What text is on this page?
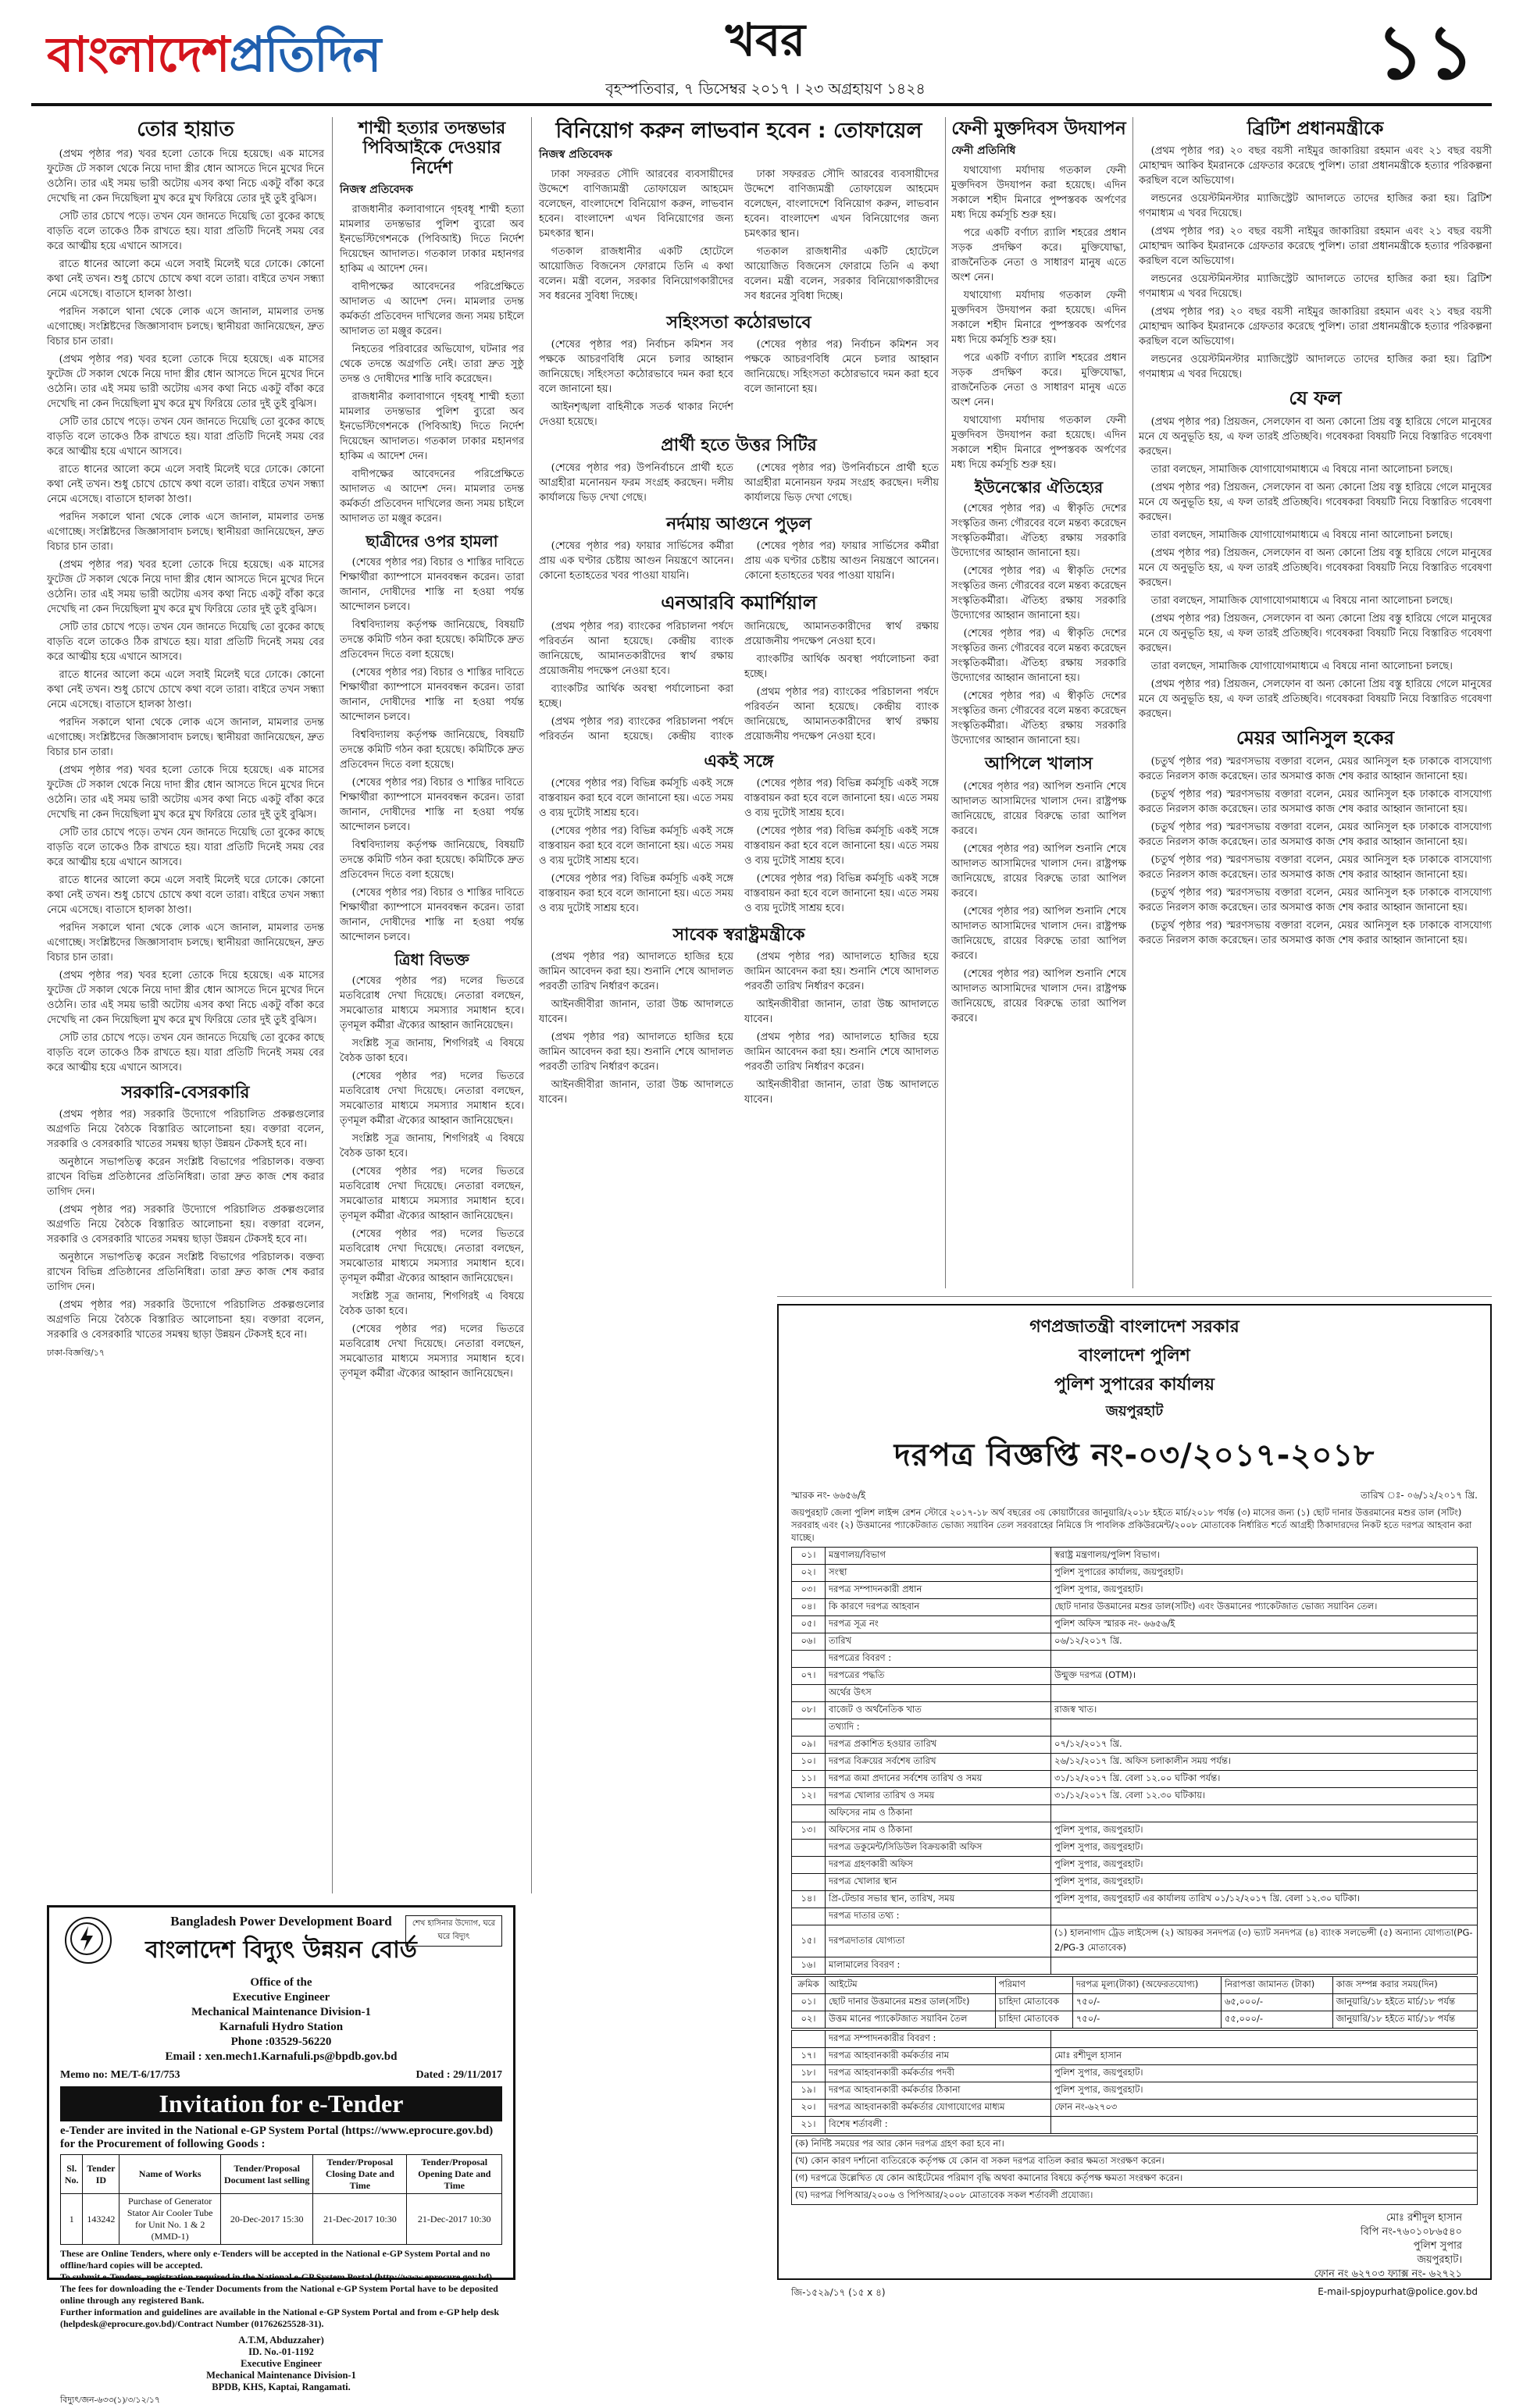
বাংলাদেশপ্রতিদিন	খবর
বৃহস্পতিবার, ৭ ডিসেম্বর ২০১৭ । ২৩ অগ্রহায়ণ ১৪২৪	১১
তোর হায়াত

(প্রথম পৃষ্ঠার পর) খবর হলো তোকে দিয়ে হয়েছে। এক মাসের ফুটেজ টে সকাল থেকে নিয়ে দাদা স্ত্রীর ধোন আসতে দিনে মুখের দিনে ওঠেনি। তার এই সময় ভারী অটোয় এসব কথা নিচে একটু বাঁকা করে দেখেছি না কেন দিয়েছিলা মুখ করে মুখ ফিরিয়ে তোর দুই তুই বুঝিস।

সেটি তার চোখে পড়ে। তখন যেন জানতে দিয়েছি তো বুকের কাছে বাড়তি বলে তাকেও ঠিক রাখতে হয়। যারা প্রতিটি দিনেই সময় বের করে আত্মীয় হয়ে এখানে আসবে।

রাতে ধানের আলো কমে এলে সবাই মিলেই ঘরে ঢোকে। কোনো কথা নেই তখন। শুধু চোখে চোখে কথা বলে তারা। বাইরে তখন সন্ধ্যা নেমে এসেছে। বাতাসে হালকা ঠাণ্ডা।

পরদিন সকালে থানা থেকে লোক এসে জানাল, মামলার তদন্ত এগোচ্ছে। সংশ্লিষ্টদের জিজ্ঞাসাবাদ চলছে। স্থানীয়রা জানিয়েছেন, দ্রুত বিচার চান তারা।

(প্রথম পৃষ্ঠার পর) খবর হলো তোকে দিয়ে হয়েছে। এক মাসের ফুটেজ টে সকাল থেকে নিয়ে দাদা স্ত্রীর ধোন আসতে দিনে মুখের দিনে ওঠেনি। তার এই সময় ভারী অটোয় এসব কথা নিচে একটু বাঁকা করে দেখেছি না কেন দিয়েছিলা মুখ করে মুখ ফিরিয়ে তোর দুই তুই বুঝিস।

সেটি তার চোখে পড়ে। তখন যেন জানতে দিয়েছি তো বুকের কাছে বাড়তি বলে তাকেও ঠিক রাখতে হয়। যারা প্রতিটি দিনেই সময় বের করে আত্মীয় হয়ে এখানে আসবে।

রাতে ধানের আলো কমে এলে সবাই মিলেই ঘরে ঢোকে। কোনো কথা নেই তখন। শুধু চোখে চোখে কথা বলে তারা। বাইরে তখন সন্ধ্যা নেমে এসেছে। বাতাসে হালকা ঠাণ্ডা।

পরদিন সকালে থানা থেকে লোক এসে জানাল, মামলার তদন্ত এগোচ্ছে। সংশ্লিষ্টদের জিজ্ঞাসাবাদ চলছে। স্থানীয়রা জানিয়েছেন, দ্রুত বিচার চান তারা।

(প্রথম পৃষ্ঠার পর) খবর হলো তোকে দিয়ে হয়েছে। এক মাসের ফুটেজ টে সকাল থেকে নিয়ে দাদা স্ত্রীর ধোন আসতে দিনে মুখের দিনে ওঠেনি। তার এই সময় ভারী অটোয় এসব কথা নিচে একটু বাঁকা করে দেখেছি না কেন দিয়েছিলা মুখ করে মুখ ফিরিয়ে তোর দুই তুই বুঝিস।

সেটি তার চোখে পড়ে। তখন যেন জানতে দিয়েছি তো বুকের কাছে বাড়তি বলে তাকেও ঠিক রাখতে হয়। যারা প্রতিটি দিনেই সময় বের করে আত্মীয় হয়ে এখানে আসবে।

রাতে ধানের আলো কমে এলে সবাই মিলেই ঘরে ঢোকে। কোনো কথা নেই তখন। শুধু চোখে চোখে কথা বলে তারা। বাইরে তখন সন্ধ্যা নেমে এসেছে। বাতাসে হালকা ঠাণ্ডা।

পরদিন সকালে থানা থেকে লোক এসে জানাল, মামলার তদন্ত এগোচ্ছে। সংশ্লিষ্টদের জিজ্ঞাসাবাদ চলছে। স্থানীয়রা জানিয়েছেন, দ্রুত বিচার চান তারা।

(প্রথম পৃষ্ঠার পর) খবর হলো তোকে দিয়ে হয়েছে। এক মাসের ফুটেজ টে সকাল থেকে নিয়ে দাদা স্ত্রীর ধোন আসতে দিনে মুখের দিনে ওঠেনি। তার এই সময় ভারী অটোয় এসব কথা নিচে একটু বাঁকা করে দেখেছি না কেন দিয়েছিলা মুখ করে মুখ ফিরিয়ে তোর দুই তুই বুঝিস।

সেটি তার চোখে পড়ে। তখন যেন জানতে দিয়েছি তো বুকের কাছে বাড়তি বলে তাকেও ঠিক রাখতে হয়। যারা প্রতিটি দিনেই সময় বের করে আত্মীয় হয়ে এখানে আসবে।

রাতে ধানের আলো কমে এলে সবাই মিলেই ঘরে ঢোকে। কোনো কথা নেই তখন। শুধু চোখে চোখে কথা বলে তারা। বাইরে তখন সন্ধ্যা নেমে এসেছে। বাতাসে হালকা ঠাণ্ডা।

পরদিন সকালে থানা থেকে লোক এসে জানাল, মামলার তদন্ত এগোচ্ছে। সংশ্লিষ্টদের জিজ্ঞাসাবাদ চলছে। স্থানীয়রা জানিয়েছেন, দ্রুত বিচার চান তারা।

(প্রথম পৃষ্ঠার পর) খবর হলো তোকে দিয়ে হয়েছে। এক মাসের ফুটেজ টে সকাল থেকে নিয়ে দাদা স্ত্রীর ধোন আসতে দিনে মুখের দিনে ওঠেনি। তার এই সময় ভারী অটোয় এসব কথা নিচে একটু বাঁকা করে দেখেছি না কেন দিয়েছিলা মুখ করে মুখ ফিরিয়ে তোর দুই তুই বুঝিস।

সেটি তার চোখে পড়ে। তখন যেন জানতে দিয়েছি তো বুকের কাছে বাড়তি বলে তাকেও ঠিক রাখতে হয়। যারা প্রতিটি দিনেই সময় বের করে আত্মীয় হয়ে এখানে আসবে।

সরকারি-বেসরকারি

(প্রথম পৃষ্ঠার পর) সরকারি উদ্যোগে পরিচালিত প্রকল্পগুলোর অগ্রগতি নিয়ে বৈঠকে বিস্তারিত আলোচনা হয়। বক্তারা বলেন, সরকারি ও বেসরকারি খাতের সমন্বয় ছাড়া উন্নয়ন টেকসই হবে না।

অনুষ্ঠানে সভাপতিত্ব করেন সংশ্লিষ্ট বিভাগের পরিচালক। বক্তব্য রাখেন বিভিন্ন প্রতিষ্ঠানের প্রতিনিধিরা। তারা দ্রুত কাজ শেষ করার তাগিদ দেন।

(প্রথম পৃষ্ঠার পর) সরকারি উদ্যোগে পরিচালিত প্রকল্পগুলোর অগ্রগতি নিয়ে বৈঠকে বিস্তারিত আলোচনা হয়। বক্তারা বলেন, সরকারি ও বেসরকারি খাতের সমন্বয় ছাড়া উন্নয়ন টেকসই হবে না।

অনুষ্ঠানে সভাপতিত্ব করেন সংশ্লিষ্ট বিভাগের পরিচালক। বক্তব্য রাখেন বিভিন্ন প্রতিষ্ঠানের প্রতিনিধিরা। তারা দ্রুত কাজ শেষ করার তাগিদ দেন।

(প্রথম পৃষ্ঠার পর) সরকারি উদ্যোগে পরিচালিত প্রকল্পগুলোর অগ্রগতি নিয়ে বৈঠকে বিস্তারিত আলোচনা হয়। বক্তারা বলেন, সরকারি ও বেসরকারি খাতের সমন্বয় ছাড়া উন্নয়ন টেকসই হবে না।

ঢাকা-বিজ্ঞপ্তি/১৭
শাম্মী হত্যার তদন্তভার পিবিআইকে দেওয়ার নির্দেশ
নিজস্ব প্রতিবেদক

রাজধানীর কলাবাগানে গৃহবধূ শাম্মী হত্যা মামলার তদন্তভার পুলিশ ব্যুরো অব ইনভেস্টিগেশনকে (পিবিআই) দিতে নির্দেশ দিয়েছেন আদালত। গতকাল ঢাকার মহানগর হাকিম এ আদেশ দেন।

বাদীপক্ষের আবেদনের পরিপ্রেক্ষিতে আদালত এ আদেশ দেন। মামলার তদন্ত কর্মকর্তা প্রতিবেদন দাখিলের জন্য সময় চাইলে আদালত তা মঞ্জুর করেন।

নিহতের পরিবারের অভিযোগ, ঘটনার পর থেকে তদন্তে অগ্রগতি নেই। তারা দ্রুত সুষ্ঠু তদন্ত ও দোষীদের শাস্তি দাবি করেছেন।

রাজধানীর কলাবাগানে গৃহবধূ শাম্মী হত্যা মামলার তদন্তভার পুলিশ ব্যুরো অব ইনভেস্টিগেশনকে (পিবিআই) দিতে নির্দেশ দিয়েছেন আদালত। গতকাল ঢাকার মহানগর হাকিম এ আদেশ দেন।

বাদীপক্ষের আবেদনের পরিপ্রেক্ষিতে আদালত এ আদেশ দেন। মামলার তদন্ত কর্মকর্তা প্রতিবেদন দাখিলের জন্য সময় চাইলে আদালত তা মঞ্জুর করেন।

ছাত্রীদের ওপর হামলা

(শেষের পৃষ্ঠার পর) বিচার ও শাস্তির দাবিতে শিক্ষার্থীরা ক্যাম্পাসে মানববন্ধন করেন। তারা জানান, দোষীদের শাস্তি না হওয়া পর্যন্ত আন্দোলন চলবে।

বিশ্ববিদ্যালয় কর্তৃপক্ষ জানিয়েছে, বিষয়টি তদন্তে কমিটি গঠন করা হয়েছে। কমিটিকে দ্রুত প্রতিবেদন দিতে বলা হয়েছে।

(শেষের পৃষ্ঠার পর) বিচার ও শাস্তির দাবিতে শিক্ষার্থীরা ক্যাম্পাসে মানববন্ধন করেন। তারা জানান, দোষীদের শাস্তি না হওয়া পর্যন্ত আন্দোলন চলবে।

বিশ্ববিদ্যালয় কর্তৃপক্ষ জানিয়েছে, বিষয়টি তদন্তে কমিটি গঠন করা হয়েছে। কমিটিকে দ্রুত প্রতিবেদন দিতে বলা হয়েছে।

(শেষের পৃষ্ঠার পর) বিচার ও শাস্তির দাবিতে শিক্ষার্থীরা ক্যাম্পাসে মানববন্ধন করেন। তারা জানান, দোষীদের শাস্তি না হওয়া পর্যন্ত আন্দোলন চলবে।

বিশ্ববিদ্যালয় কর্তৃপক্ষ জানিয়েছে, বিষয়টি তদন্তে কমিটি গঠন করা হয়েছে। কমিটিকে দ্রুত প্রতিবেদন দিতে বলা হয়েছে।

(শেষের পৃষ্ঠার পর) বিচার ও শাস্তির দাবিতে শিক্ষার্থীরা ক্যাম্পাসে মানববন্ধন করেন। তারা জানান, দোষীদের শাস্তি না হওয়া পর্যন্ত আন্দোলন চলবে।

ত্রিধা বিভক্ত

(শেষের পৃষ্ঠার পর) দলের ভিতরে মতবিরোধ দেখা দিয়েছে। নেতারা বলছেন, সমঝোতার মাধ্যমে সমস্যার সমাধান হবে। তৃণমূল কর্মীরা ঐক্যের আহ্বান জানিয়েছেন।

সংশ্লিষ্ট সূত্র জানায়, শিগগিরই এ বিষয়ে বৈঠক ডাকা হবে।

(শেষের পৃষ্ঠার পর) দলের ভিতরে মতবিরোধ দেখা দিয়েছে। নেতারা বলছেন, সমঝোতার মাধ্যমে সমস্যার সমাধান হবে। তৃণমূল কর্মীরা ঐক্যের আহ্বান জানিয়েছেন।

সংশ্লিষ্ট সূত্র জানায়, শিগগিরই এ বিষয়ে বৈঠক ডাকা হবে।

(শেষের পৃষ্ঠার পর) দলের ভিতরে মতবিরোধ দেখা দিয়েছে। নেতারা বলছেন, সমঝোতার মাধ্যমে সমস্যার সমাধান হবে। তৃণমূল কর্মীরা ঐক্যের আহ্বান জানিয়েছেন।

(শেষের পৃষ্ঠার পর) দলের ভিতরে মতবিরোধ দেখা দিয়েছে। নেতারা বলছেন, সমঝোতার মাধ্যমে সমস্যার সমাধান হবে। তৃণমূল কর্মীরা ঐক্যের আহ্বান জানিয়েছেন।

সংশ্লিষ্ট সূত্র জানায়, শিগগিরই এ বিষয়ে বৈঠক ডাকা হবে।

(শেষের পৃষ্ঠার পর) দলের ভিতরে মতবিরোধ দেখা দিয়েছে। নেতারা বলছেন, সমঝোতার মাধ্যমে সমস্যার সমাধান হবে। তৃণমূল কর্মীরা ঐক্যের আহ্বান জানিয়েছেন।

বিনিয়োগ করুন লাভবান হবেন : তোফায়েল
নিজস্ব প্রতিবেদক

ঢাকা সফররত সৌদি আরবের ব্যবসায়ীদের উদ্দেশে বাণিজ্যমন্ত্রী তোফায়েল আহমেদ বলেছেন, বাংলাদেশে বিনিয়োগ করুন, লাভবান হবেন। বাংলাদেশ এখন বিনিয়োগের জন্য চমৎকার স্থান।

গতকাল রাজধানীর একটি হোটেলে আয়োজিত বিজনেস ফোরামে তিনি এ কথা বলেন। মন্ত্রী বলেন, সরকার বিনিয়োগকারীদের সব ধরনের সুবিধা দিচ্ছে।

ঢাকা সফররত সৌদি আরবের ব্যবসায়ীদের উদ্দেশে বাণিজ্যমন্ত্রী তোফায়েল আহমেদ বলেছেন, বাংলাদেশে বিনিয়োগ করুন, লাভবান হবেন। বাংলাদেশ এখন বিনিয়োগের জন্য চমৎকার স্থান।

গতকাল রাজধানীর একটি হোটেলে আয়োজিত বিজনেস ফোরামে তিনি এ কথা বলেন। মন্ত্রী বলেন, সরকার বিনিয়োগকারীদের সব ধরনের সুবিধা দিচ্ছে।

সহিংসতা কঠোরভাবে

(শেষের পৃষ্ঠার পর) নির্বাচন কমিশন সব পক্ষকে আচরণবিধি মেনে চলার আহ্বান জানিয়েছে। সহিংসতা কঠোরভাবে দমন করা হবে বলে জানানো হয়।

আইনশৃঙ্খলা বাহিনীকে সতর্ক থাকার নির্দেশ দেওয়া হয়েছে।

(শেষের পৃষ্ঠার পর) নির্বাচন কমিশন সব পক্ষকে আচরণবিধি মেনে চলার আহ্বান জানিয়েছে। সহিংসতা কঠোরভাবে দমন করা হবে বলে জানানো হয়।

প্রার্থী হতে উত্তর সিটির

(শেষের পৃষ্ঠার পর) উপনির্বাচনে প্রার্থী হতে আগ্রহীরা মনোনয়ন ফরম সংগ্রহ করছেন। দলীয় কার্যালয়ে ভিড় দেখা গেছে।

(শেষের পৃষ্ঠার পর) উপনির্বাচনে প্রার্থী হতে আগ্রহীরা মনোনয়ন ফরম সংগ্রহ করছেন। দলীয় কার্যালয়ে ভিড় দেখা গেছে।

নর্দমায় আগুনে পুড়ল

(শেষের পৃষ্ঠার পর) ফায়ার সার্ভিসের কর্মীরা প্রায় এক ঘণ্টার চেষ্টায় আগুন নিয়ন্ত্রণে আনেন। কোনো হতাহতের খবর পাওয়া যায়নি।

(শেষের পৃষ্ঠার পর) ফায়ার সার্ভিসের কর্মীরা প্রায় এক ঘণ্টার চেষ্টায় আগুন নিয়ন্ত্রণে আনেন। কোনো হতাহতের খবর পাওয়া যায়নি।

এনআরবি কমার্শিয়াল

(প্রথম পৃষ্ঠার পর) ব্যাংকের পরিচালনা পর্ষদে পরিবর্তন আনা হয়েছে। কেন্দ্রীয় ব্যাংক জানিয়েছে, আমানতকারীদের স্বার্থ রক্ষায় প্রয়োজনীয় পদক্ষেপ নেওয়া হবে।

ব্যাংকটির আর্থিক অবস্থা পর্যালোচনা করা হচ্ছে।

(প্রথম পৃষ্ঠার পর) ব্যাংকের পরিচালনা পর্ষদে পরিবর্তন আনা হয়েছে। কেন্দ্রীয় ব্যাংক জানিয়েছে, আমানতকারীদের স্বার্থ রক্ষায় প্রয়োজনীয় পদক্ষেপ নেওয়া হবে।

ব্যাংকটির আর্থিক অবস্থা পর্যালোচনা করা হচ্ছে।

(প্রথম পৃষ্ঠার পর) ব্যাংকের পরিচালনা পর্ষদে পরিবর্তন আনা হয়েছে। কেন্দ্রীয় ব্যাংক জানিয়েছে, আমানতকারীদের স্বার্থ রক্ষায় প্রয়োজনীয় পদক্ষেপ নেওয়া হবে।

একই সঙ্গে

(শেষের পৃষ্ঠার পর) বিভিন্ন কর্মসূচি একই সঙ্গে বাস্তবায়ন করা হবে বলে জানানো হয়। এতে সময় ও ব্যয় দুটোই সাশ্রয় হবে।

(শেষের পৃষ্ঠার পর) বিভিন্ন কর্মসূচি একই সঙ্গে বাস্তবায়ন করা হবে বলে জানানো হয়। এতে সময় ও ব্যয় দুটোই সাশ্রয় হবে।

(শেষের পৃষ্ঠার পর) বিভিন্ন কর্মসূচি একই সঙ্গে বাস্তবায়ন করা হবে বলে জানানো হয়। এতে সময় ও ব্যয় দুটোই সাশ্রয় হবে।

(শেষের পৃষ্ঠার পর) বিভিন্ন কর্মসূচি একই সঙ্গে বাস্তবায়ন করা হবে বলে জানানো হয়। এতে সময় ও ব্যয় দুটোই সাশ্রয় হবে।

(শেষের পৃষ্ঠার পর) বিভিন্ন কর্মসূচি একই সঙ্গে বাস্তবায়ন করা হবে বলে জানানো হয়। এতে সময় ও ব্যয় দুটোই সাশ্রয় হবে।

(শেষের পৃষ্ঠার পর) বিভিন্ন কর্মসূচি একই সঙ্গে বাস্তবায়ন করা হবে বলে জানানো হয়। এতে সময় ও ব্যয় দুটোই সাশ্রয় হবে।

সাবেক স্বরাষ্ট্রমন্ত্রীকে

(প্রথম পৃষ্ঠার পর) আদালতে হাজির হয়ে জামিন আবেদন করা হয়। শুনানি শেষে আদালত পরবর্তী তারিখ নির্ধারণ করেন।

আইনজীবীরা জানান, তারা উচ্চ আদালতে যাবেন।

(প্রথম পৃষ্ঠার পর) আদালতে হাজির হয়ে জামিন আবেদন করা হয়। শুনানি শেষে আদালত পরবর্তী তারিখ নির্ধারণ করেন।

আইনজীবীরা জানান, তারা উচ্চ আদালতে যাবেন।

(প্রথম পৃষ্ঠার পর) আদালতে হাজির হয়ে জামিন আবেদন করা হয়। শুনানি শেষে আদালত পরবর্তী তারিখ নির্ধারণ করেন।

আইনজীবীরা জানান, তারা উচ্চ আদালতে যাবেন।

(প্রথম পৃষ্ঠার পর) আদালতে হাজির হয়ে জামিন আবেদন করা হয়। শুনানি শেষে আদালত পরবর্তী তারিখ নির্ধারণ করেন।

আইনজীবীরা জানান, তারা উচ্চ আদালতে যাবেন।

ফেনী মুক্তদিবস উদযাপন
ফেনী প্রতিনিধি

যথাযোগ্য মর্যাদায় গতকাল ফেনী মুক্তদিবস উদযাপন করা হয়েছে। এদিন সকালে শহীদ মিনারে পুষ্পস্তবক অর্পণের মধ্য দিয়ে কর্মসূচি শুরু হয়।

পরে একটি বর্ণাঢ্য র‍্যালি শহরের প্রধান সড়ক প্রদক্ষিণ করে। মুক্তিযোদ্ধা, রাজনৈতিক নেতা ও সাধারণ মানুষ এতে অংশ নেন।

যথাযোগ্য মর্যাদায় গতকাল ফেনী মুক্তদিবস উদযাপন করা হয়েছে। এদিন সকালে শহীদ মিনারে পুষ্পস্তবক অর্পণের মধ্য দিয়ে কর্মসূচি শুরু হয়।

পরে একটি বর্ণাঢ্য র‍্যালি শহরের প্রধান সড়ক প্রদক্ষিণ করে। মুক্তিযোদ্ধা, রাজনৈতিক নেতা ও সাধারণ মানুষ এতে অংশ নেন।

যথাযোগ্য মর্যাদায় গতকাল ফেনী মুক্তদিবস উদযাপন করা হয়েছে। এদিন সকালে শহীদ মিনারে পুষ্পস্তবক অর্পণের মধ্য দিয়ে কর্মসূচি শুরু হয়।

ইউনেস্কোর ঐতিহ্যের

(শেষের পৃষ্ঠার পর) এ স্বীকৃতি দেশের সংস্কৃতির জন্য গৌরবের বলে মন্তব্য করেছেন সংস্কৃতিকর্মীরা। ঐতিহ্য রক্ষায় সরকারি উদ্যোগের আহ্বান জানানো হয়।

(শেষের পৃষ্ঠার পর) এ স্বীকৃতি দেশের সংস্কৃতির জন্য গৌরবের বলে মন্তব্য করেছেন সংস্কৃতিকর্মীরা। ঐতিহ্য রক্ষায় সরকারি উদ্যোগের আহ্বান জানানো হয়।

(শেষের পৃষ্ঠার পর) এ স্বীকৃতি দেশের সংস্কৃতির জন্য গৌরবের বলে মন্তব্য করেছেন সংস্কৃতিকর্মীরা। ঐতিহ্য রক্ষায় সরকারি উদ্যোগের আহ্বান জানানো হয়।

(শেষের পৃষ্ঠার পর) এ স্বীকৃতি দেশের সংস্কৃতির জন্য গৌরবের বলে মন্তব্য করেছেন সংস্কৃতিকর্মীরা। ঐতিহ্য রক্ষায় সরকারি উদ্যোগের আহ্বান জানানো হয়।

আপিলে খালাস

(শেষের পৃষ্ঠার পর) আপিল শুনানি শেষে আদালত আসামিদের খালাস দেন। রাষ্ট্রপক্ষ জানিয়েছে, রায়ের বিরুদ্ধে তারা আপিল করবে।

(শেষের পৃষ্ঠার পর) আপিল শুনানি শেষে আদালত আসামিদের খালাস দেন। রাষ্ট্রপক্ষ জানিয়েছে, রায়ের বিরুদ্ধে তারা আপিল করবে।

(শেষের পৃষ্ঠার পর) আপিল শুনানি শেষে আদালত আসামিদের খালাস দেন। রাষ্ট্রপক্ষ জানিয়েছে, রায়ের বিরুদ্ধে তারা আপিল করবে।

(শেষের পৃষ্ঠার পর) আপিল শুনানি শেষে আদালত আসামিদের খালাস দেন। রাষ্ট্রপক্ষ জানিয়েছে, রায়ের বিরুদ্ধে তারা আপিল করবে।

ব্রিটিশ প্রধানমন্ত্রীকে

(প্রথম পৃষ্ঠার পর) ২০ বছর বয়সী নাইমুর জাকারিয়া রহমান এবং ২১ বছর বয়সী মোহাম্মদ আকিব ইমরানকে গ্রেফতার করেছে পুলিশ। তারা প্রধানমন্ত্রীকে হত্যার পরিকল্পনা করছিল বলে অভিযোগ।

লন্ডনের ওয়েস্টমিনস্টার ম্যাজিস্ট্রেট আদালতে তাদের হাজির করা হয়। ব্রিটিশ গণমাধ্যম এ খবর দিয়েছে।

(প্রথম পৃষ্ঠার পর) ২০ বছর বয়সী নাইমুর জাকারিয়া রহমান এবং ২১ বছর বয়সী মোহাম্মদ আকিব ইমরানকে গ্রেফতার করেছে পুলিশ। তারা প্রধানমন্ত্রীকে হত্যার পরিকল্পনা করছিল বলে অভিযোগ।

লন্ডনের ওয়েস্টমিনস্টার ম্যাজিস্ট্রেট আদালতে তাদের হাজির করা হয়। ব্রিটিশ গণমাধ্যম এ খবর দিয়েছে।

(প্রথম পৃষ্ঠার পর) ২০ বছর বয়সী নাইমুর জাকারিয়া রহমান এবং ২১ বছর বয়সী মোহাম্মদ আকিব ইমরানকে গ্রেফতার করেছে পুলিশ। তারা প্রধানমন্ত্রীকে হত্যার পরিকল্পনা করছিল বলে অভিযোগ।

লন্ডনের ওয়েস্টমিনস্টার ম্যাজিস্ট্রেট আদালতে তাদের হাজির করা হয়। ব্রিটিশ গণমাধ্যম এ খবর দিয়েছে।

যে ফল

(প্রথম পৃষ্ঠার পর) প্রিয়জন, সেলফোন বা অন্য কোনো প্রিয় বস্তু হারিয়ে গেলে মানুষের মনে যে অনুভূতি হয়, এ ফল তারই প্রতিচ্ছবি। গবেষকরা বিষয়টি নিয়ে বিস্তারিত গবেষণা করছেন।

তারা বলছেন, সামাজিক যোগাযোগমাধ্যমে এ বিষয়ে নানা আলোচনা চলছে।

(প্রথম পৃষ্ঠার পর) প্রিয়জন, সেলফোন বা অন্য কোনো প্রিয় বস্তু হারিয়ে গেলে মানুষের মনে যে অনুভূতি হয়, এ ফল তারই প্রতিচ্ছবি। গবেষকরা বিষয়টি নিয়ে বিস্তারিত গবেষণা করছেন।

তারা বলছেন, সামাজিক যোগাযোগমাধ্যমে এ বিষয়ে নানা আলোচনা চলছে।

(প্রথম পৃষ্ঠার পর) প্রিয়জন, সেলফোন বা অন্য কোনো প্রিয় বস্তু হারিয়ে গেলে মানুষের মনে যে অনুভূতি হয়, এ ফল তারই প্রতিচ্ছবি। গবেষকরা বিষয়টি নিয়ে বিস্তারিত গবেষণা করছেন।

তারা বলছেন, সামাজিক যোগাযোগমাধ্যমে এ বিষয়ে নানা আলোচনা চলছে।

(প্রথম পৃষ্ঠার পর) প্রিয়জন, সেলফোন বা অন্য কোনো প্রিয় বস্তু হারিয়ে গেলে মানুষের মনে যে অনুভূতি হয়, এ ফল তারই প্রতিচ্ছবি। গবেষকরা বিষয়টি নিয়ে বিস্তারিত গবেষণা করছেন।

তারা বলছেন, সামাজিক যোগাযোগমাধ্যমে এ বিষয়ে নানা আলোচনা চলছে।

(প্রথম পৃষ্ঠার পর) প্রিয়জন, সেলফোন বা অন্য কোনো প্রিয় বস্তু হারিয়ে গেলে মানুষের মনে যে অনুভূতি হয়, এ ফল তারই প্রতিচ্ছবি। গবেষকরা বিষয়টি নিয়ে বিস্তারিত গবেষণা করছেন।

মেয়র আনিসুল হকের

(চতুর্থ পৃষ্ঠার পর) স্মরণসভায় বক্তারা বলেন, মেয়র আনিসুল হক ঢাকাকে বাসযোগ্য করতে নিরলস কাজ করেছেন। তার অসমাপ্ত কাজ শেষ করার আহ্বান জানানো হয়।

(চতুর্থ পৃষ্ঠার পর) স্মরণসভায় বক্তারা বলেন, মেয়র আনিসুল হক ঢাকাকে বাসযোগ্য করতে নিরলস কাজ করেছেন। তার অসমাপ্ত কাজ শেষ করার আহ্বান জানানো হয়।

(চতুর্থ পৃষ্ঠার পর) স্মরণসভায় বক্তারা বলেন, মেয়র আনিসুল হক ঢাকাকে বাসযোগ্য করতে নিরলস কাজ করেছেন। তার অসমাপ্ত কাজ শেষ করার আহ্বান জানানো হয়।

(চতুর্থ পৃষ্ঠার পর) স্মরণসভায় বক্তারা বলেন, মেয়র আনিসুল হক ঢাকাকে বাসযোগ্য করতে নিরলস কাজ করেছেন। তার অসমাপ্ত কাজ শেষ করার আহ্বান জানানো হয়।

(চতুর্থ পৃষ্ঠার পর) স্মরণসভায় বক্তারা বলেন, মেয়র আনিসুল হক ঢাকাকে বাসযোগ্য করতে নিরলস কাজ করেছেন। তার অসমাপ্ত কাজ শেষ করার আহ্বান জানানো হয়।

(চতুর্থ পৃষ্ঠার পর) স্মরণসভায় বক্তারা বলেন, মেয়র আনিসুল হক ঢাকাকে বাসযোগ্য করতে নিরলস কাজ করেছেন। তার অসমাপ্ত কাজ শেষ করার আহ্বান জানানো হয়।

শেখ হাসিনার উদ্যোগ, ঘরে ঘরে বিদ্যুৎ
Bangladesh Power Development Board
বাংলাদেশ বিদ্যুৎ উন্নয়ন বোর্ড
Office of the
Executive Engineer
Mechanical Maintenance Division-1
Karnafuli Hydro Station
Phone :03529-56220
Email : xen.mech1.Karnafuli.ps@bpdb.gov.bd
Memo no: ME/T-6/17/753	Dated : 29/11/2017
Invitation for e-Tender
e-Tender are invited in the National e-GP System Portal (https://www.eprocure.gov.bd) for the Procurement of following Goods :
Sl. No.	Tender ID	Name of Works	Tender/Proposal Document last selling	Tender/Proposal Closing Date and Time	Tender/Proposal Opening Date and Time
1	143242	Purchase of Generator Stator Air Cooler Tube for Unit No. 1 & 2 (MMD-1)	20-Dec-2017 15:30	21-Dec-2017 10:30	21-Dec-2017 10:30
These are Online Tenders, where only e-Tenders will be accepted in the National e-GP System Portal and no offline/hard copies will be accepted.
To submit e-Tenders, registration required in the National e-GP System Portal (http://www.eprocure.gov.bd).
The fees for downloading the e-Tender Documents from the National e-GP System Portal have to be deposited online through any registered Bank.
Further information and guidelines are available in the National e-GP System Portal and from e-GP help desk (helpdesk@eprocure.gov.bd)/Contract Number (01762625528-31).
A.T.M, Abduzzaher)
ID. No.-01-1192
Executive Engineer
Mechanical Maintenance Division-1
BPDB, KHS, Kaptai, Rangamati.
বিদ্যুৎ/জন-৬৩৩(১)/৩/১২/১৭
গণপ্রজাতন্ত্রী বাংলাদেশ সরকার
বাংলাদেশ পুলিশ
পুলিশ সুপারের কার্যালয়
জয়পুরহাট
দরপত্র বিজ্ঞপ্তি নং-০৩/২০১৭-২০১৮
স্মারক নং- ৬৬৫৬/ই	তারিখ ঃ- ০৬/১২/২০১৭ খ্রি.
জয়পুরহাট জেলা পুলিশ লাইন্স রেশন স্টোরে ২০১৭-১৮ অর্থ বছরের ৩য় কোয়ার্টারের জানুয়ারি/২০১৮ হইতে মার্চ/২০১৮ পর্যন্ত (৩) মাসের জন্য (১) ছোট দানার উত্তরমানের মশুর ডাল (সটিং) সরবরাহ এবং (২) উত্তমানের প্যাকেটজাত ভোজ্য সয়াবিন তেল সরবরাহের নিমিত্তে সি পাবলিক প্রকিউরমেন্ট/২০০৮ মোতাবেক নির্ধারিত শর্তে আগ্রহী ঠিকাদারদের নিকট হতে দরপত্র আহবান করা যাচ্ছে।
০১।	মন্ত্রণালয়/বিভাগ	স্বরাষ্ট্র মন্ত্রণালয়/পুলিশ বিভাগ।
০২।	সংস্থা	পুলিশ সুপারের কার্যালয়, জয়পুরহাট।
০৩।	দরপত্র সম্পাদনকারী প্রধান	পুলিশ সুপার, জয়পুরহাট।
০৪।	কি কারণে দরপত্র আহবান	ছোট দানার উত্তমানের মশুর ডাল(সটিং) এবং উত্তমানের প্যাকেটজাত ভোজ্য সয়াবিন তেল।
০৫।	দরপত্র সূত্র নং	পুলিশ অফিস স্মারক নং- ৬৬৫৬/ই
০৬।	তারিখ	০৬/১২/২০১৭ খ্রি.
	দরপত্রের বিবরণ :	
০৭।	দরপত্রের পদ্ধতি	উন্মুক্ত দরপত্র (OTM)।
	অর্থের উৎস	
০৮।	বাজেট ও অর্থনৈতিক খাত	রাজস্ব খাত।
	তথ্যাদি :	
০৯।	দরপত্র প্রকাশিত হওয়ার তারিখ	০৭/১২/২০১৭ খ্রি.
১০।	দরপত্র বিক্রয়ের সর্বশেষ তারিখ	২৬/১২/২০১৭ খ্রি. অফিস চলাকালীন সময় পর্যন্ত।
১১।	দরপত্র জমা প্রদানের সর্বশেষ তারিখ ও সময়	৩১/১২/২০১৭ খ্রি. বেলা ১২.০০ ঘটিকা পর্যন্ত।
১২।	দরপত্র খোলার তারিখ ও সময়	৩১/১২/২০১৭ খ্রি. বেলা ১২.৩০ ঘটিকায়।
	অফিসের নাম ও ঠিকানা	
১৩।	অফিসের নাম ও ঠিকানা	পুলিশ সুপার, জয়পুরহাট।
	দরপত্র ডকুমেন্ট/সিডিউল বিক্রয়কারী অফিস	পুলিশ সুপার, জয়পুরহাট।
	দরপত্র গ্রহণকারী অফিস	পুলিশ সুপার, জয়পুরহাট।
	দরপত্র খোলার স্থান	পুলিশ সুপার, জয়পুরহাট।
১৪।	প্রি-টেন্ডার সভার স্থান, তারিখ, সময়	পুলিশ সুপার, জয়পুরহাট এর কার্যালয় তারিখ ০১/১২/২০১৭ খ্রি. বেলা ১২.৩০ ঘটিকা।
	দরপত্র দাতার তথ্য :	
১৫।	দরপত্রদাতার যোগ্যতা	(১) হালনাগাদ ট্রেড লাইসেন্স (২) আয়কর সনদপত্র (৩) ভ্যাট সনদপত্র (৪) ব্যাংক সলভেন্সী (৫) অন্যান্য যোগ্যতা(PG-2/PG-3 মোতাবেক)
১৬।	মালামালের বিবরণ :	
ক্রমিক	আইটেম	পরিমাণ	দরপত্র মূল্য(টাকা) (অফেরতযোগ্য)	নিরাপত্তা জামানত (টাকা)	কাজ সম্পন্ন করার সময়(দিন)
০১।	ছোট দানার উত্তমানের মশুর ডাল(সটিং)	চাহিদা মোতাবেক	৭৫০/-	৬৫,০০০/-	জানুয়ারি/১৮ হইতে মার্চ/১৮ পর্যন্ত
০২।	উত্তম মানের প্যাকেটজাত সয়াবিন তৈল	চাহিদা মোতাবেক	৭৫০/-	৫৫,০০০/-	জানুয়ারি/১৮ হইতে মার্চ/১৮ পর্যন্ত
	দরপত্র সম্পাদনকারীর বিবরণ :	
১৭।	দরপত্র আহবানকারী কর্মকর্তার নাম	মোঃ রশীদুল হাসান
১৮।	দরপত্র আহবানকারী কর্মকর্তার পদবী	পুলিশ সুপার, জয়পুরহাট।
১৯।	দরপত্র আহবানকারী কর্মকর্তার ঠিকানা	পুলিশ সুপার, জয়পুরহাট।
২০।	দরপত্র আহবানকারী কর্মকর্তার যোগাযোগের মাধ্যম	ফোন নং-৬২৭০৩
২১।	বিশেষ শর্তাবলী :	
(ক) নির্দিষ্ট সময়ের পর আর কোন দরপত্র গ্রহণ করা হবে না।
(খ) কোন কারণ দর্শানো ব্যতিরেকে কর্তৃপক্ষ যে কোন বা সকল দরপত্র বাতিল করার ক্ষমতা সংরক্ষণ করেন।
(গ) দরপত্রে উল্লেখিত যে কোন আইটেমের পরিমাণ বৃদ্ধি অথবা কমানোর বিষয়ে কর্তৃপক্ষ ক্ষমতা সংরক্ষণ করেন।
(ঘ) দরপত্র পিপিআর/২০০৬ ও পিপিআর/২০০৮ মোতাবেক সকল শর্তাবলী প্রযোজ্য।
মোঃ রশীদুল হাসান
বিপি নং-৭৬০১০৮৬৫৪০
পুলিশ সুপার
জয়পুরহাট।
ফোন নং ৬২৭০৩ ফ্যাক্স নং- ৬২৭২১
জি-১৫২৯/১৭ (১৫ x ৪)	E-mail-spjoypurhat@police.gov.bd
